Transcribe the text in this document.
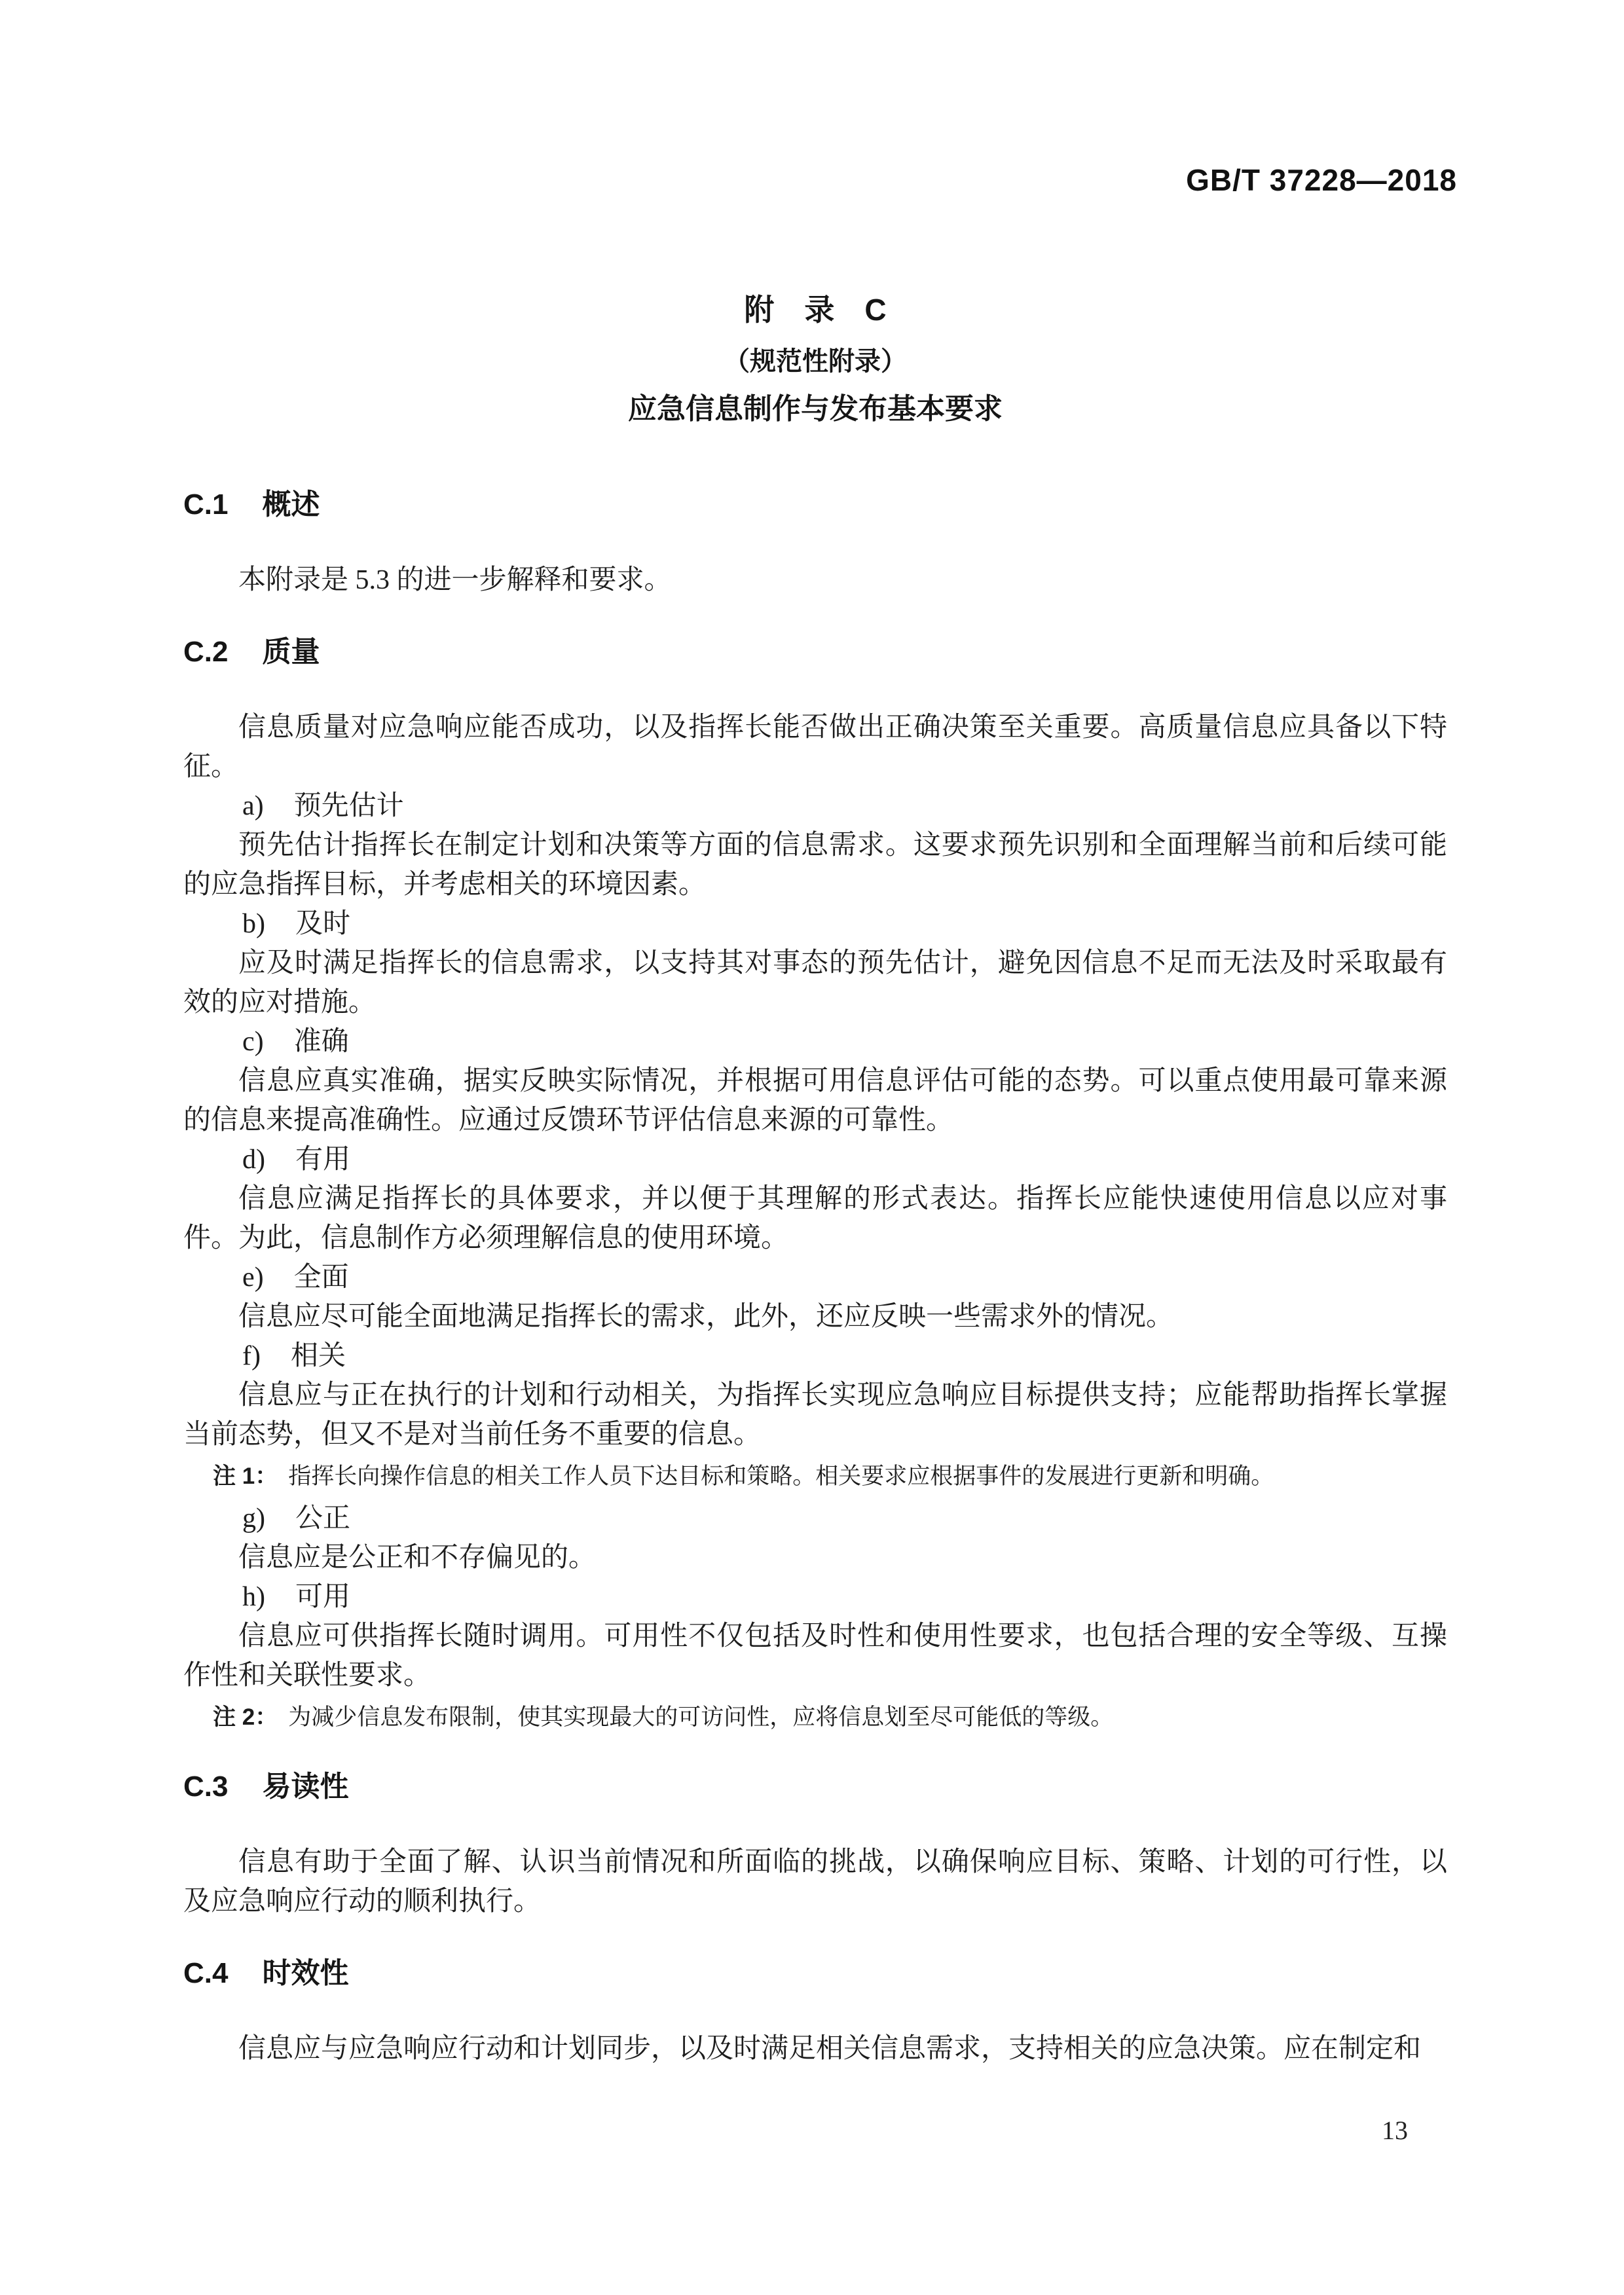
GB/T 37228—2018
附　录　C
（规范性附录）
应急信息制作与发布基本要求
C.1 概述

本附录是 5.3 的进一步解释和要求。

C.2 质量

信息质量对应急响应能否成功，以及指挥长能否做出正确决策至关重要。高质量信息应具备以下特征。

a) 预先估计

预先估计指挥长在制定计划和决策等方面的信息需求。这要求预先识别和全面理解当前和后续可能的应急指挥目标，并考虑相关的环境因素。

b) 及时

应及时满足指挥长的信息需求，以支持其对事态的预先估计，避免因信息不足而无法及时采取最有效的应对措施。

c) 准确

信息应真实准确，据实反映实际情况，并根据可用信息评估可能的态势。可以重点使用最可靠来源的信息来提高准确性。应通过反馈环节评估信息来源的可靠性。

d) 有用

信息应满足指挥长的具体要求，并以便于其理解的形式表达。指挥长应能快速使用信息以应对事件。为此，信息制作方必须理解信息的使用环境。

e) 全面

信息应尽可能全面地满足指挥长的需求，此外，还应反映一些需求外的情况。

f) 相关

信息应与正在执行的计划和行动相关，为指挥长实现应急响应目标提供支持；应能帮助指挥长掌握当前态势，但又不是对当前任务不重要的信息。

注 1： 指挥长向操作信息的相关工作人员下达目标和策略。相关要求应根据事件的发展进行更新和明确。

g) 公正

信息应是公正和不存偏见的。

h) 可用

信息应可供指挥长随时调用。可用性不仅包括及时性和使用性要求，也包括合理的安全等级、互操作性和关联性要求。

注 2： 为减少信息发布限制，使其实现最大的可访问性，应将信息划至尽可能低的等级。

C.3 易读性

信息有助于全面了解、认识当前情况和所面临的挑战，以确保响应目标、策略、计划的可行性，以及应急响应行动的顺利执行。

C.4 时效性

信息应与应急响应行动和计划同步，以及时满足相关信息需求，支持相关的应急决策。应在制定和

13
